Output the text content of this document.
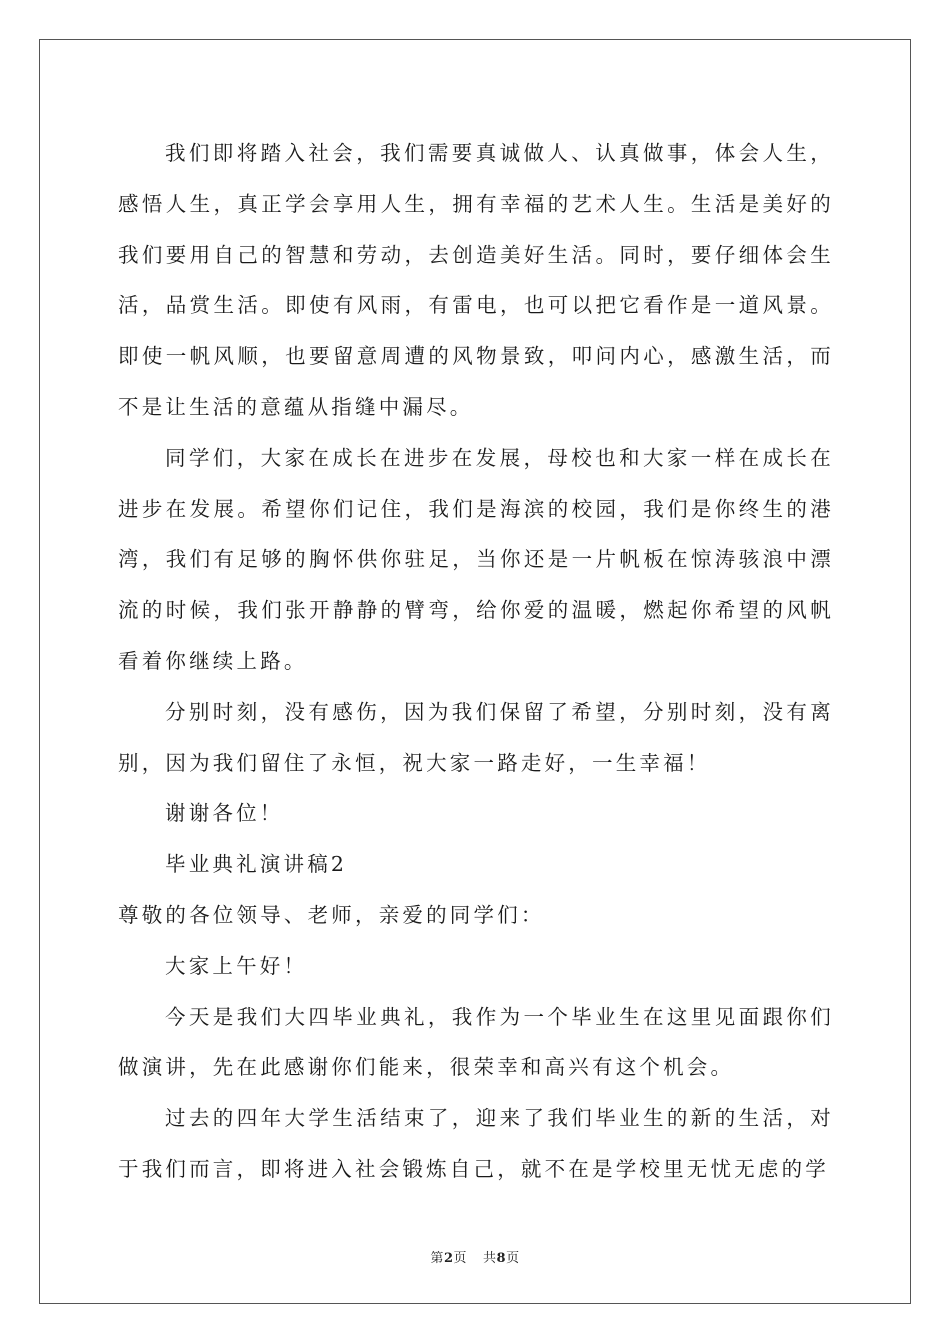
我们即将踏入社会，我们需要真诚做人、认真做事，体会人生，感悟人生，真正学会享用人生，拥有幸福的艺术人生。生活是美好的我们要用自己的智慧和劳动，去创造美好生活。同时，要仔细体会生活，品赏生活。即使有风雨，有雷电，也可以把它看作是一道风景。即使一帆风顺，也要留意周遭的风物景致，叩问内心，感激生活，而不是让生活的意蕴从指缝中漏尽。

同学们，大家在成长在进步在发展，母校也和大家一样在成长在进步在发展。希望你们记住，我们是海滨的校园，我们是你终生的港湾，我们有足够的胸怀供你驻足，当你还是一片帆板在惊涛骇浪中漂流的时候，我们张开静静的臂弯，给你爱的温暖，燃起你希望的风帆看着你继续上路。

分别时刻，没有感伤，因为我们保留了希望，分别时刻，没有离别，因为我们留住了永恒，祝大家一路走好，一生幸福！

谢谢各位！

毕业典礼演讲稿2

尊敬的各位领导、老师，亲爱的同学们：

大家上午好！

今天是我们大四毕业典礼，我作为一个毕业生在这里见面跟你们做演讲，先在此感谢你们能来，很荣幸和高兴有这个机会。

过去的四年大学生活结束了，迎来了我们毕业生的新的生活，对于我们而言，即将进入社会锻炼自己，就不在是学校里无忧无虑的学

第2页 共8页
